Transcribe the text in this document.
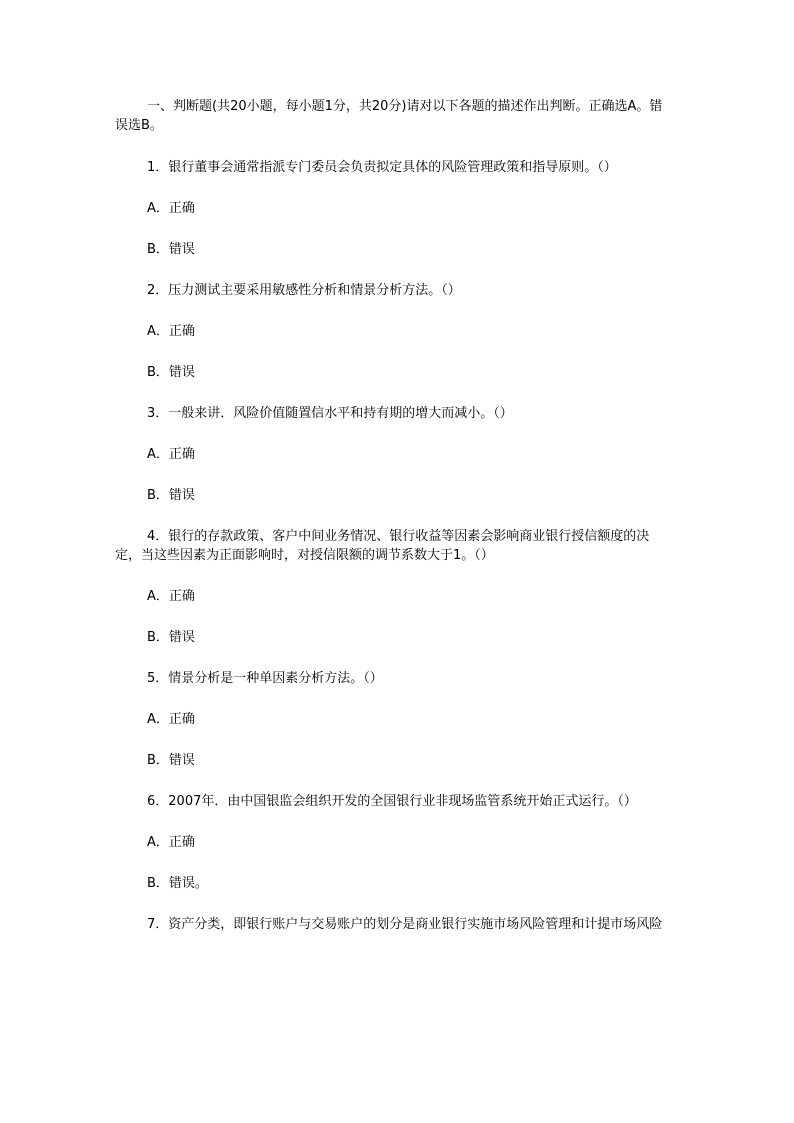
一、判断题(共20小题，每小题1分，共20分)请对以下各题的描述作出判断。正确选A。错误选B。

1．银行董事会通常指派专门委员会负责拟定具体的风险管理政策和指导原则。（）

A．正确

B．错误

2．压力测试主要采用敏感性分析和情景分析方法。（）

A．正确

B．错误

3．一般来讲．风险价值随置信水平和持有期的增大而减小。（）

A．正确

B．错误

4．银行的存款政策、客户中间业务情况、银行收益等因素会影响商业银行授信额度的决定，当这些因素为正面影响时，对授信限额的调节系数大于1。（）

A．正确

B．错误

5．情景分析是一种单因素分析方法。（）

A．正确

B．错误

6．2007年．由中国银监会组织开发的全国银行业非现场监管系统开始正式运行。（）

A．正确

B．错误。

7．资产分类，即银行账户与交易账户的划分是商业银行实施市场风险管理和计提市场风险
